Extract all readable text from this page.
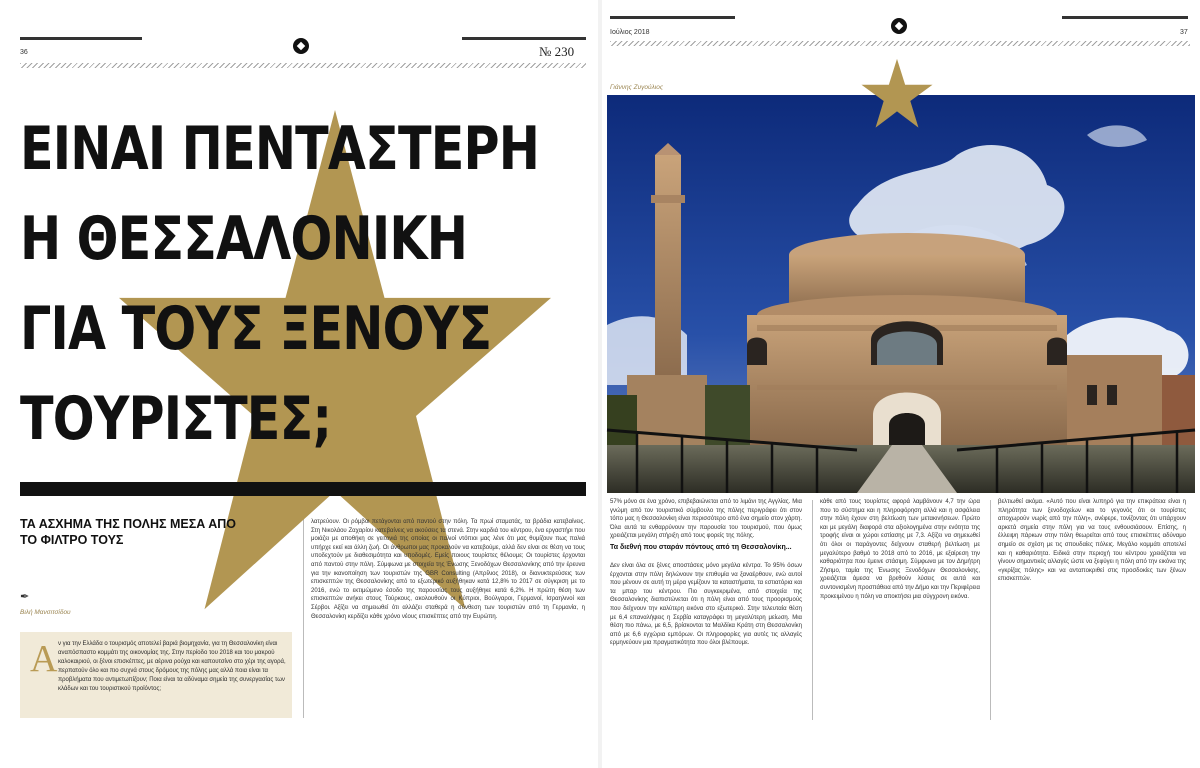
36	№ 230
ΕΙΝΑΙ ΠΕΝΤΑΣΤΕΡΗ
Η ΘΕΣΣΑΛΟΝΙΚΗ
ΓΙΑ ΤΟΥΣ ΞΕΝΟΥΣ
ΤΟΥΡΙΣΤΕΣ;
ΤΑ ΑΣΧΗΜΑ ΤΗΣ ΠΟΛΗΣ ΜΕΣΑ ΑΠΟ
ΤΟ ΦΙΛΤΡΟ ΤΟΥΣ
✒
Βιλή Μανσιτσίδου
Α ν για την Ελλάδα ο τουρισμός αποτελεί βαριά βιομηχανία, για τη Θεσσαλονίκη είναι αναπόσπαστο κομμάτι της οικονομίας της. Στην περίοδο του 2018 και του μακρού καλοκαιριού, οι ξένοι επισκέπτες, με αέρινα ρούχα και καπουτσίνο στο χέρι της αγορά, περπατούν όλο και πιο συχνά στους δρόμους της πόλης μας αλλά ποια είναι τα προβλήματα που αντιμετωπίζουν; Ποια είναι τα αδύναμα σημεία της συνεργασίας των κλάδων και του τουριστικού προϊόντος;
λατρεύουν. Οι ρόμβοι πετάγονται από παντού στην πόλη. Τα πρωί σταματάς, τα βράδια κατεβαίνεις. Στη Νικολάου Ζαχαρίου κατεβαίνεις να ακούσεις τα στενά. Στην καρδιά του κέντρου, ένα εργαστήρι που μοιάζει με αποθήκη σε γειτονιά της οποίας οι παλιοί ντόπιοι μας λένε ότι μας θυμίζουν πως παλιά υπήρχε εκεί και άλλη ζωή. Οι άνθρωποι μας προκαλούν να κατεβούμε, αλλά δεν είναι σε θέση να τους υποδεχτούν με διαθεσιμότητα και υποδομές. Εμείς ποιους τουρίστες θέλουμε; Οι τουρίστες έρχονται από παντού στην πόλη. Σύμφωνα με στοιχεία της Ένωσης Ξενοδόχων Θεσσαλονίκης από την έρευνα για την ικανοποίηση των τουριστών της GBR Consulting (Απρίλιος 2018), οι διανυκτερεύσεις των επισκεπτών της Θεσσαλονίκης από το εξωτερικό αυξήθηκαν κατά 12,8% το 2017 σε σύγκριση με το 2016, ενώ το εκτιμώμενο έσοδο της παρουσίας τους αυξήθηκε κατά 6,2%. Η πρώτη θέση των επισκεπτών ανήκει στους Τούρκους, ακολουθούν οι Κύπριοι, Βούλγαροι, Γερμανοί, Ισραηλινοί και Σέρβοι. Αξίζει να σημειωθεί ότι αλλάζει σταθερά η σύνθεση των τουριστών από τη Γερμανία, η Θεσσαλονίκη κερδίζει κάθε χρόνο νέους επισκέπτες από την Ευρώπη.
Ιούλιος 2018	37
Γιάννης Ζυγούλιος
57% μόνο σε ένα χρόνο, επιβεβαιώνεται από το λιμάνι της Αγγλίας. Μια γνώμη από τον τουριστικό σύμβουλο της πόλης περιγράφει ότι στον τόπο μας η Θεσσαλονίκη είναι περισσότερο από ένα σημείο στον χάρτη. Όλα αυτά τα ενθαρρύνουν την παρουσία του τουρισμού, που όμως χρειάζεται μεγάλη στήριξη από τους φορείς της πόλης.
Τα διεθνή που σταράν πόντους από τη Θεσσαλονίκη...
Δεν είναι όλα σε ξένες αποστάσεις μόνο μεγάλα κέντρα. Το 95% όσων έρχονται στην πόλη δηλώνουν την επιθυμία να ξαναέρθουν, ενώ αυτοί που μένουν σε αυτή τη μέρα γεμίζουν τα καταστήματα, τα εστιατόρια και τα μπαρ του κέντρου. Πιο συγκεκριμένα, από στοιχεία της Θεσσαλονίκης διαπιστώνεται ότι η πόλη είναι από τους προορισμούς που δείχνουν την καλύτερη εικόνα στο εξωτερικό. Στην τελευταία θέση με 6,4 επαναλήψεις η Σερβία καταγράφει τη μεγαλύτερη μείωση. Μια θέση πιο πάνω, με 6,5, βρίσκονται τα Μαλδίκα Κράτη στη Θεσσαλονίκη από με 6,6 εγχώρια εμπόρων. Οι πληροφορίες για αυτές τις αλλαγές ερμηνεύουν μια πραγματικότητα που όλοι βλέπουμε.
κάθε από τους τουρίστες αφορά λαμβάνουν 4,7 την ώρα που το σύστημα και η πληροφόρηση αλλά και η ασφάλεια στην πόλη έχουν στη βελτίωση των μετακινήσεων. Πρώτο και με μεγάλη διαφορά στα αξιολογημένα στην ενότητα της τροφής είναι οι χώροι εστίασης με 7,3. Αξίζει να σημειωθεί ότι όλοι οι παράγοντες δείχνουν σταθερή βελτίωση με μεγαλύτερο βαθμό το 2018 από το 2016, με εξαίρεση την καθαριότητα που έμεινε στάσιμη. Σύμφωνα με τον Δημήτρη Ζήσιμο, ταμία της Ένωσης Ξενοδόχων Θεσσαλονίκης, χρειάζεται άμεσα να βρεθούν λύσεις σε αυτά και συντονισμένη προσπάθεια από την Δήμο και την Περιφέρεια προκειμένου η πόλη να αποκτήσει μια σύγχρονη εικόνα.
βελτιωθεί ακόμα. «Αυτό που είναι λυπηρό για την επικράτεια είναι η πληρότητα των ξενοδοχείων και το γεγονός ότι οι τουρίστες αποχωρούν νωρίς από την πόλη», ανέφερε, τονίζοντας ότι υπάρχουν αρκετά σημεία στην πόλη για να τους ενθουσιάσουν. Επίσης, η έλλειψη πάρκων στην πόλη θεωρείται από τους επισκέπτες αδύναμο σημείο σε σχέση με τις σπουδαίες πόλεις. Μεγάλο κομμάτι αποτελεί και η καθαριότητα. Ειδικά στην περιοχή του κέντρου χρειάζεται να γίνουν σημαντικές αλλαγές ώστε να ξεφύγει η πόλη από την εικόνα της «γκρίζας πόλης» και να ανταποκριθεί στις προσδοκίες των ξένων επισκεπτών.
